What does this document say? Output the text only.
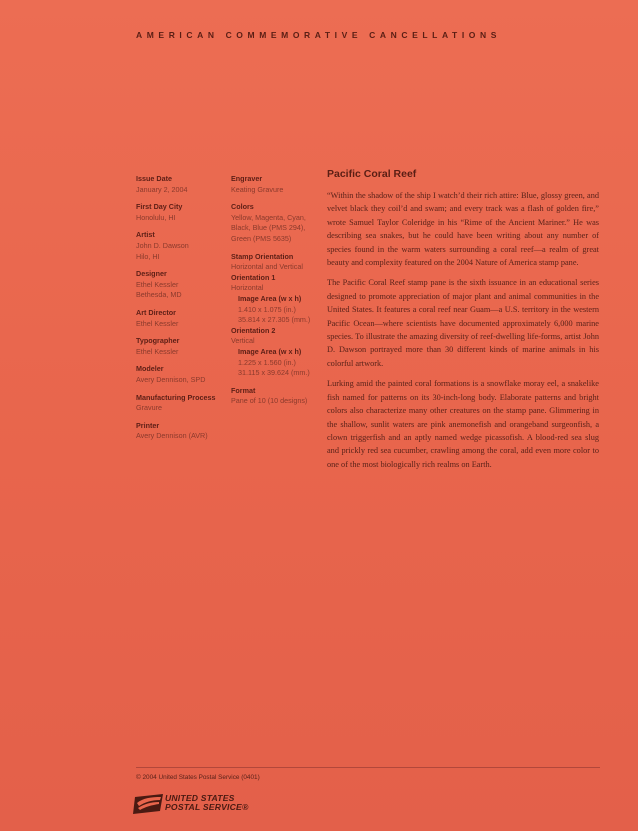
AMERICAN COMMEMORATIVE CANCELLATIONS
Issue Date
January 2, 2004
First Day City
Honolulu, HI
Artist
John D. Dawson
Hilo, HI
Designer
Ethel Kessler
Bethesda, MD
Art Director
Ethel Kessler
Typographer
Ethel Kessler
Modeler
Avery Dennison, SPD
Manufacturing Process
Gravure
Printer
Avery Dennison (AVR)
Engraver
Keating Gravure
Colors
Yellow, Magenta, Cyan,
Black, Blue (PMS 294),
Green (PMS 5635)
Stamp Orientation
Horizontal and Vertical
Orientation 1
Horizontal
Image Area (w x h)
1.410 x 1.075 (in.)
35.814 x 27.305 (mm.)
Orientation 2
Vertical
Image Area (w x h)
1.225 x 1.560 (in.)
31.115 x 39.624 (mm.)
Format
Pane of 10 (10 designs)
Pacific Coral Reef

“Within the shadow of the ship I watch’d their rich attire: Blue, glossy green, and velvet black they coil’d and swam; and every track was a flash of golden fire,” wrote Samuel Taylor Coleridge in his “Rime of the Ancient Mariner.” He was describing sea snakes, but he could have been writing about any number of species found in the warm waters surrounding a coral reef—a realm of great beauty and complexity featured on the 2004 Nature of America stamp pane.

The Pacific Coral Reef stamp pane is the sixth issuance in an educational series designed to promote appreciation of major plant and animal communities in the United States. It features a coral reef near Guam—a U.S. territory in the western Pacific Ocean—where scientists have documented approximately 6,000 marine species. To illustrate the amazing diversity of reef-dwelling life-forms, artist John D. Dawson portrayed more than 30 different kinds of marine animals in his colorful artwork.

Lurking amid the painted coral formations is a snowflake moray eel, a snakelike fish named for patterns on its 30-inch-long body. Elaborate patterns and bright colors also characterize many other creatures on the stamp pane. Glimmering in the shallow, sunlit waters are pink anemonefish and orangeband surgeonfish, a clown triggerfish and an aptly named wedge picassofish. A blood-red sea slug and prickly red sea cucumber, crawling among the coral, add even more color to one of the most biologically rich realms on Earth.

© 2004 United States Postal Service (0401)
UNITED STATES
POSTAL SERVICE®
